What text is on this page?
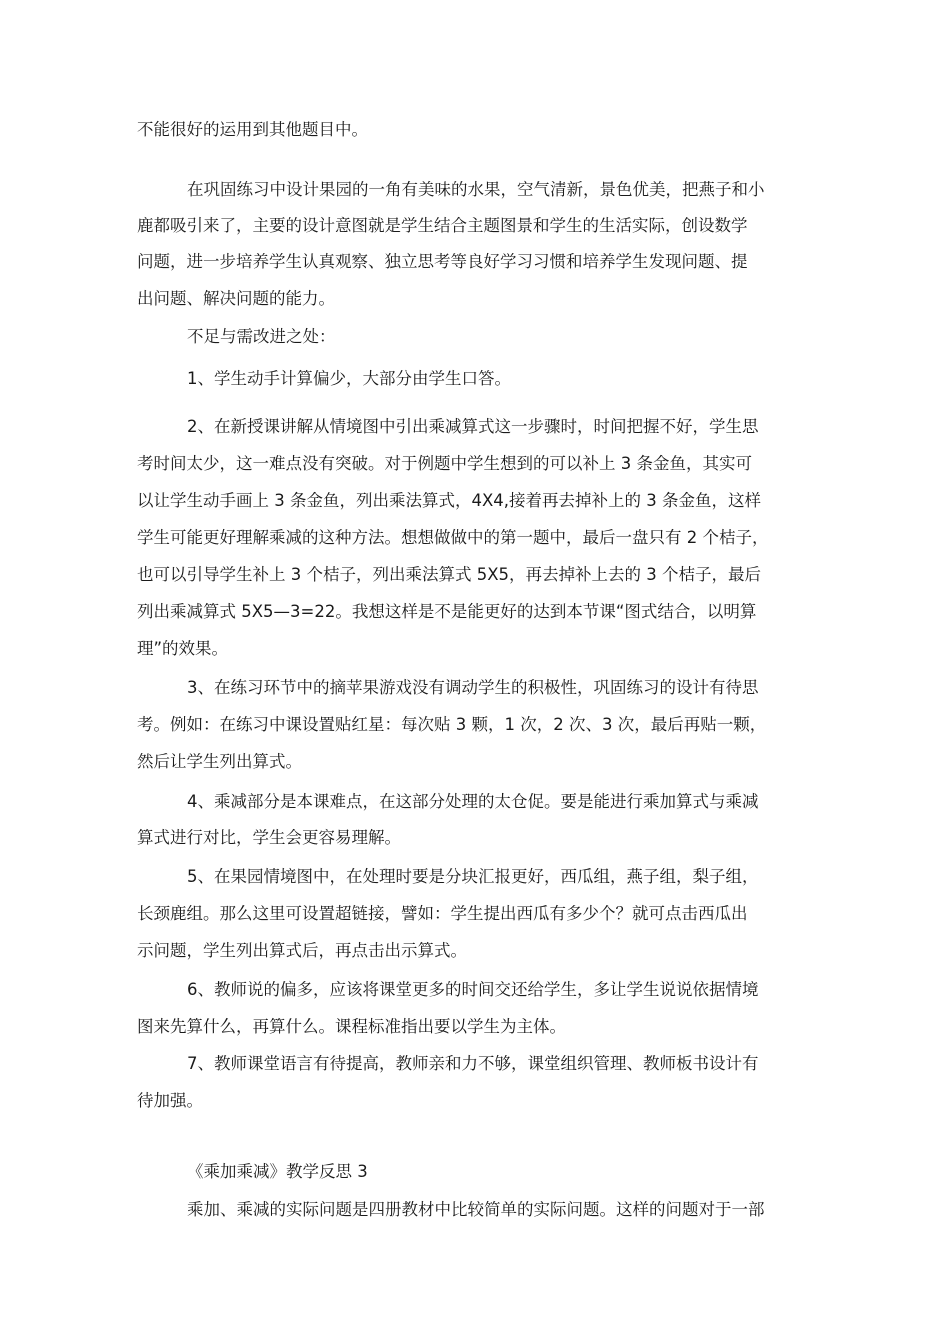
不能很好的运用到其他题目中。
在巩固练习中设计果园的一角有美味的水果，空气清新，景色优美，把燕子和小
鹿都吸引来了，主要的设计意图就是学生结合主题图景和学生的生活实际，创设数学
问题，进一步培养学生认真观察、独立思考等良好学习习惯和培养学生发现问题、提
出问题、解决问题的能力。
不足与需改进之处：
1、学生动手计算偏少，大部分由学生口答。
2、在新授课讲解从情境图中引出乘减算式这一步骤时，时间把握不好，学生思
考时间太少，这一难点没有突破。对于例题中学生想到的可以补上 3 条金鱼，其实可
以让学生动手画上 3 条金鱼，列出乘法算式，4X4,接着再去掉补上的 3 条金鱼，这样
学生可能更好理解乘减的这种方法。想想做做中的第一题中，最后一盘只有 2 个桔子，
也可以引导学生补上 3 个桔子，列出乘法算式 5X5，再去掉补上去的 3 个桔子，最后
列出乘减算式 5X5—3=22。我想这样是不是能更好的达到本节课“图式结合，以明算
理”的效果。
3、在练习环节中的摘苹果游戏没有调动学生的积极性，巩固练习的设计有待思
考。例如：在练习中课设置贴红星：每次贴 3 颗，1 次，2 次、3 次，最后再贴一颗，
然后让学生列出算式。
4、乘减部分是本课难点，在这部分处理的太仓促。要是能进行乘加算式与乘减
算式进行对比，学生会更容易理解。
5、在果园情境图中，在处理时要是分块汇报更好，西瓜组，燕子组，梨子组，
长颈鹿组。那么这里可设置超链接，譬如：学生提出西瓜有多少个？就可点击西瓜出
示问题，学生列出算式后，再点击出示算式。
6、教师说的偏多，应该将课堂更多的时间交还给学生，多让学生说说依据情境
图来先算什么，再算什么。课程标准指出要以学生为主体。
7、教师课堂语言有待提高，教师亲和力不够，课堂组织管理、教师板书设计有
待加强。
《乘加乘减》教学反思 3
乘加、乘减的实际问题是四册教材中比较简单的实际问题。这样的问题对于一部
